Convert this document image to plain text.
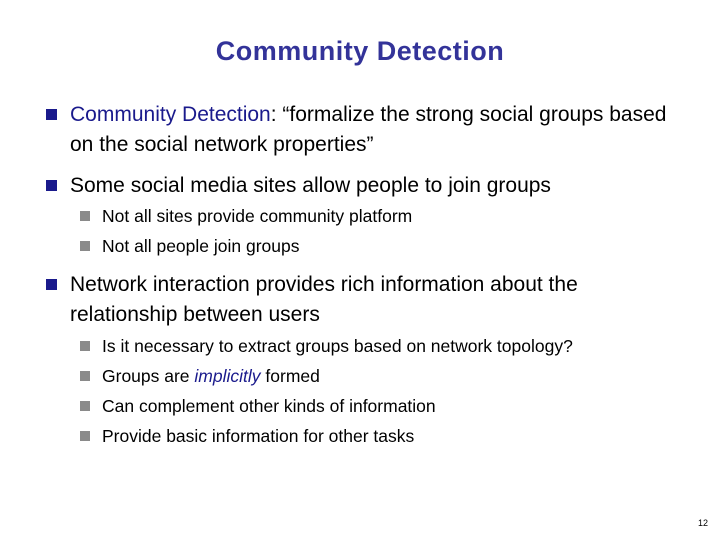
Community Detection
Community Detection: “formalize the strong social groups based on the social network properties”
Some social media sites allow people to join groups
Not all sites provide community platform
Not all people join groups
Network interaction provides rich information about the relationship between users
Is it necessary to extract groups based on network topology?
Groups are implicitly formed
Can complement other kinds of information
Provide basic information for other tasks
12
